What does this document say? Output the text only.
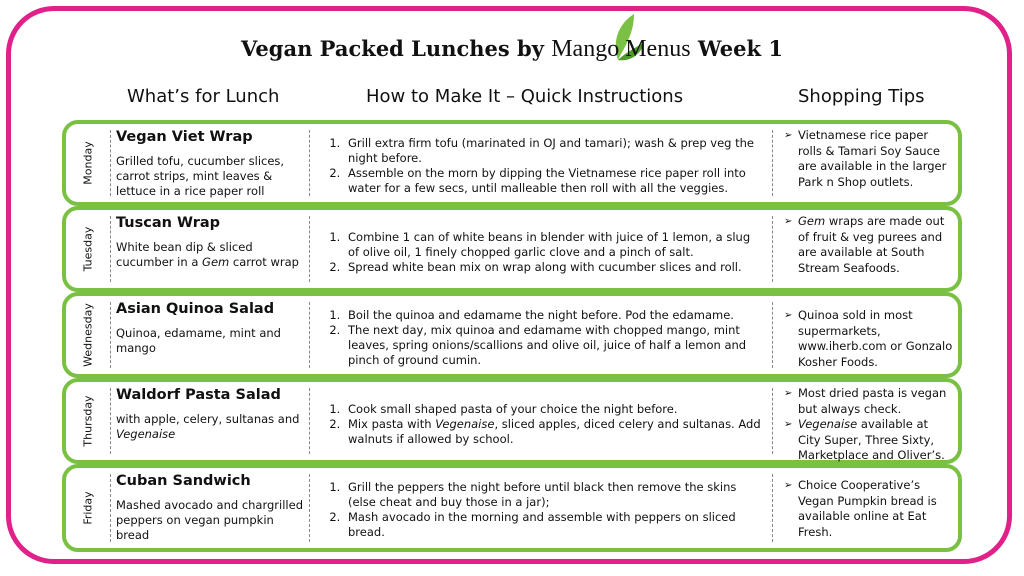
Vegan Packed Lunches by Mango Menus Week 1
What’s for Lunch	How to Make It – Quick Instructions	Shopping Tips
Monday
Vegan Viet Wrap
Grilled tofu, cucumber slices, carrot strips, mint leaves & lettuce in a rice paper roll
1. Grill extra firm tofu (marinated in OJ and tamari); wash & prep veg the night before.
2. Assemble on the morn by dipping the Vietnamese rice paper roll into water for a few secs, until malleable then roll with all the veggies.
➢ Vietnamese rice paper rolls & Tamari Soy Sauce are available in the larger Park n Shop outlets.
Tuesday
Tuscan Wrap
White bean dip & sliced cucumber in a Gem carrot wrap
1. Combine 1 can of white beans in blender with juice of 1 lemon, a slug of olive oil, 1 finely chopped garlic clove and a pinch of salt.
2. Spread white bean mix on wrap along with cucumber slices and roll.
➢ Gem wraps are made out of fruit & veg purees and are available at South Stream Seafoods.
Wednesday Asian Quinoa Salad
Quinoa, edamame, mint and mango
1. Boil the quinoa and edamame the night before. Pod the edamame.
2. The next day, mix quinoa and edamame with chopped mango, mint leaves, spring onions/scallions and olive oil, juice of half a lemon and pinch of ground cumin.
➢ Quinoa sold in most supermarkets, www.iherb.com or Gonzalo Kosher Foods.
Thursday
Waldorf Pasta Salad
with apple, celery, sultanas and Vegenaise
1. Cook small shaped pasta of your choice the night before.
2. Mix pasta with Vegenaise, sliced apples, diced celery and sultanas. Add walnuts if allowed by school.
➢ Most dried pasta is vegan but always check.
➢ Vegenaise available at City Super, Three Sixty, Marketplace and Oliver’s.
Friday
Cuban Sandwich
Mashed avocado and chargrilled peppers on vegan pumpkin bread
1. Grill the peppers the night before until black then remove the skins (else cheat and buy those in a jar);
2. Mash avocado in the morning and assemble with peppers on sliced bread.
➢ Choice Cooperative’s Vegan Pumpkin bread is available online at Eat Fresh.
